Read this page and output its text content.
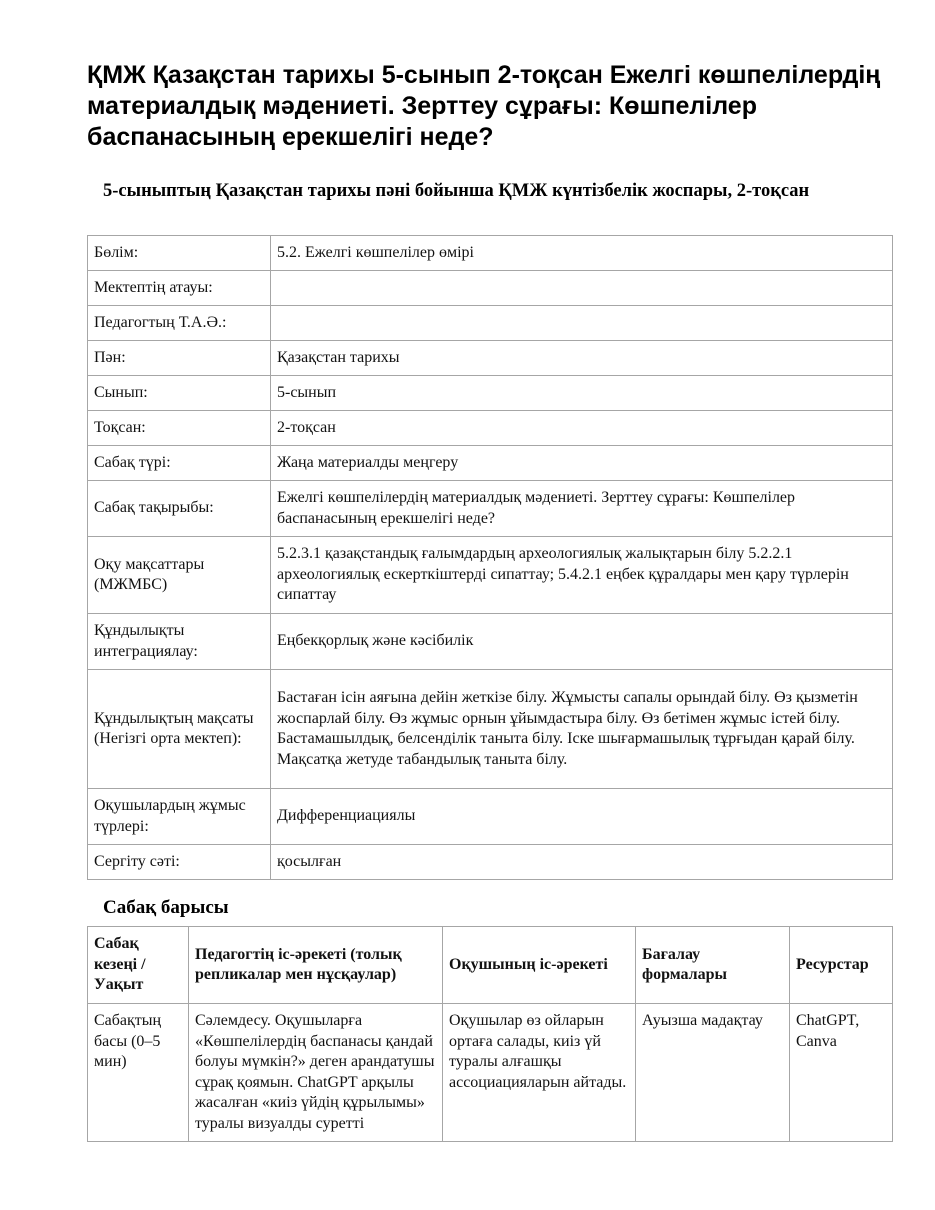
ҚМЖ Қазақстан тарихы 5-сынып 2-тоқсан Ежелгі көшпелілердің материалдық мәдениеті. Зерттеу сұрағы: Көшпелілер баспанасының ерекшелігі неде?
5-сыныптың Қазақстан тарихы пәні бойынша ҚМЖ күнтізбелік жоспары, 2-тоқсан
Бөлім:	5.2. Ежелгі көшпелілер өмірі
Мектептің атауы:	
Педагогтың Т.А.Ә.:	
Пән:	Қазақстан тарихы
Сынып:	5-сынып
Тоқсан:	2-тоқсан
Сабақ түрі:	Жаңа материалды меңгеру
Сабақ тақырыбы:	Ежелгі көшпелілердің материалдық мәдениеті. Зерттеу сұрағы: Көшпелілер баспанасының ерекшелігі неде?
Оқу мақсаттары (МЖМБС)	5.2.3.1 қазақстандық ғалымдардың археологиялық жалықтарын білу 5.2.2.1 археологиялық ескерткіштерді сипаттау; 5.4.2.1 еңбек құралдары мен қару түрлерін сипаттау
Құндылықты интеграциялау:	Еңбекқорлық және кәсібилік
Құндылықтың мақсаты (Негізгі орта мектеп):	Бастаған ісін аяғына дейін жеткізе білу. Жұмысты сапалы орындай білу. Өз қызметін жоспарлай білу. Өз жұмыс орнын ұйымдастыра білу. Өз бетімен жұмыс істей білу. Бастамашылдық, белсенділік таныта білу. Іске шығармашылық тұрғыдан қарай білу. Мақсатқа жетуде табандылық таныта білу.
Оқушылардың жұмыс түрлері:	Дифференциациялы
Сергіту сәті:	қосылған
Сабақ барысы
Сабақ кезеңі / Уақыт	Педагогтің іс-әрекеті (толық репликалар мен нұсқаулар)	Оқушының іс-әрекеті	Бағалау формалары	Ресурстар
Сабақтың басы (0–5 мин)	Сәлемдесу. Оқушыларға «Көшпелілердің баспанасы қандай болуы мүмкін?» деген арандатушы сұрақ қоямын. ChatGPT арқылы жасалған «киіз үйдің құрылымы» туралы визуалды суретті	Оқушылар өз ойларын ортаға салады, киіз үй туралы алғашқы ассоциацияларын айтады.	Ауызша мадақтау	ChatGPT, Canva
